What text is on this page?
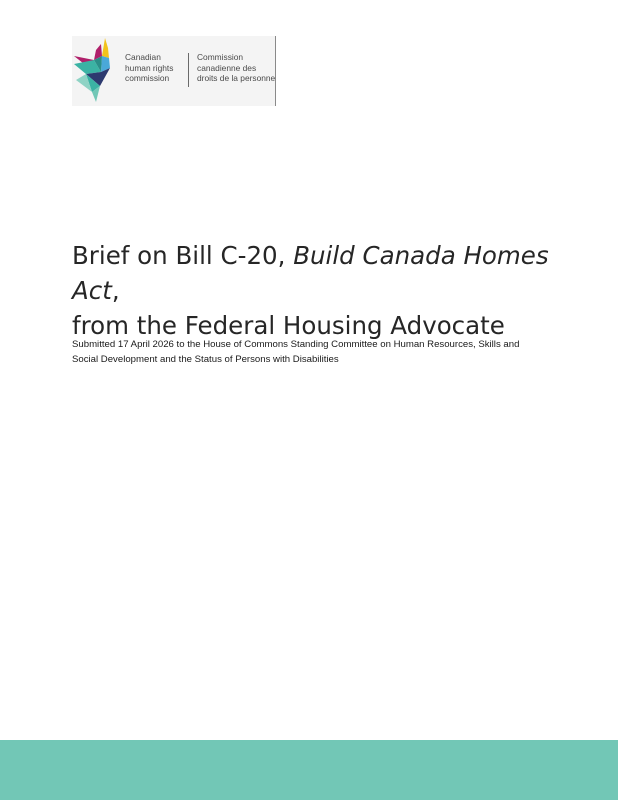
Canadian
human rights
commission
Commission
canadienne des
droits de la personne
Brief on Bill C-20, Build Canada Homes Act,
from the Federal Housing Advocate

Submitted 17 April 2026 to the House of Commons Standing Committee on Human Resources, Skills and Social Development and the Status of Persons with Disabilities
